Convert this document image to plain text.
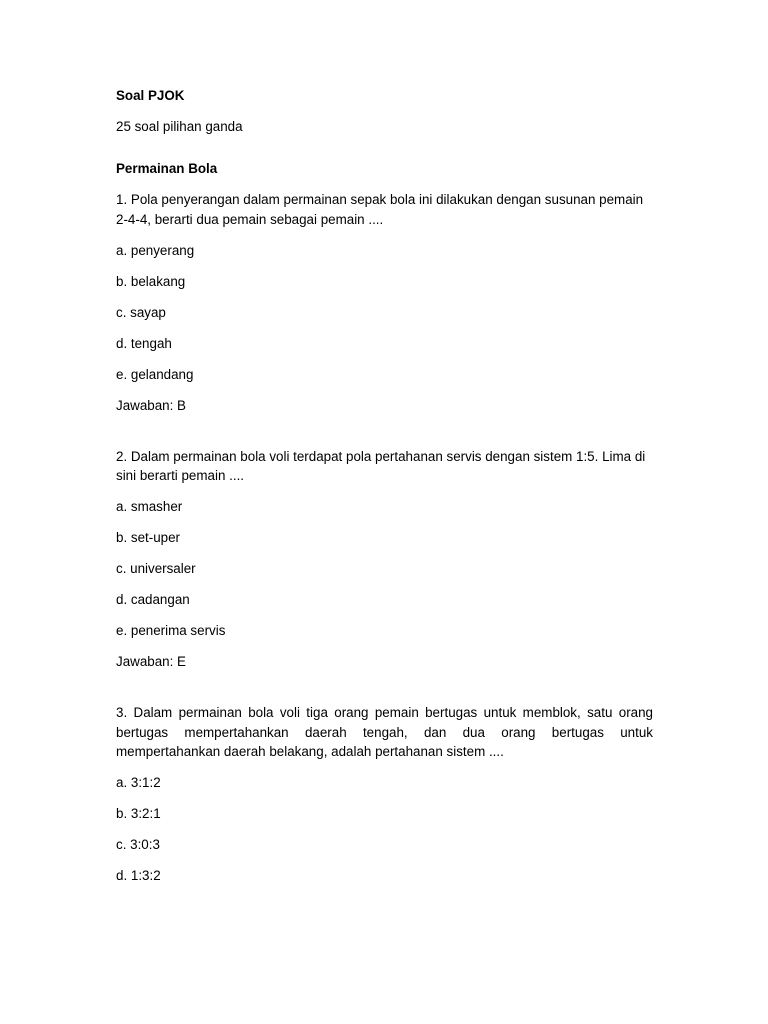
Soal PJOK

25 soal pilihan ganda

Permainan Bola

1. Pola penyerangan dalam permainan sepak bola ini dilakukan dengan susunan pemain 2-4-4, berarti dua pemain sebagai pemain ....

a. penyerang

b. belakang

c. sayap

d. tengah

e. gelandang

Jawaban: B

2. Dalam permainan bola voli terdapat pola pertahanan servis dengan sistem 1:5. Lima di sini berarti pemain ....

a. smasher

b. set-uper

c. universaler

d. cadangan

e. penerima servis

Jawaban: E

3. Dalam permainan bola voli tiga orang pemain bertugas untuk memblok, satu orang bertugas mempertahankan daerah tengah, dan dua orang bertugas untuk mempertahankan daerah belakang, adalah pertahanan sistem ....

a. 3:1:2

b. 3:2:1

c. 3:0:3

d. 1:3:2
